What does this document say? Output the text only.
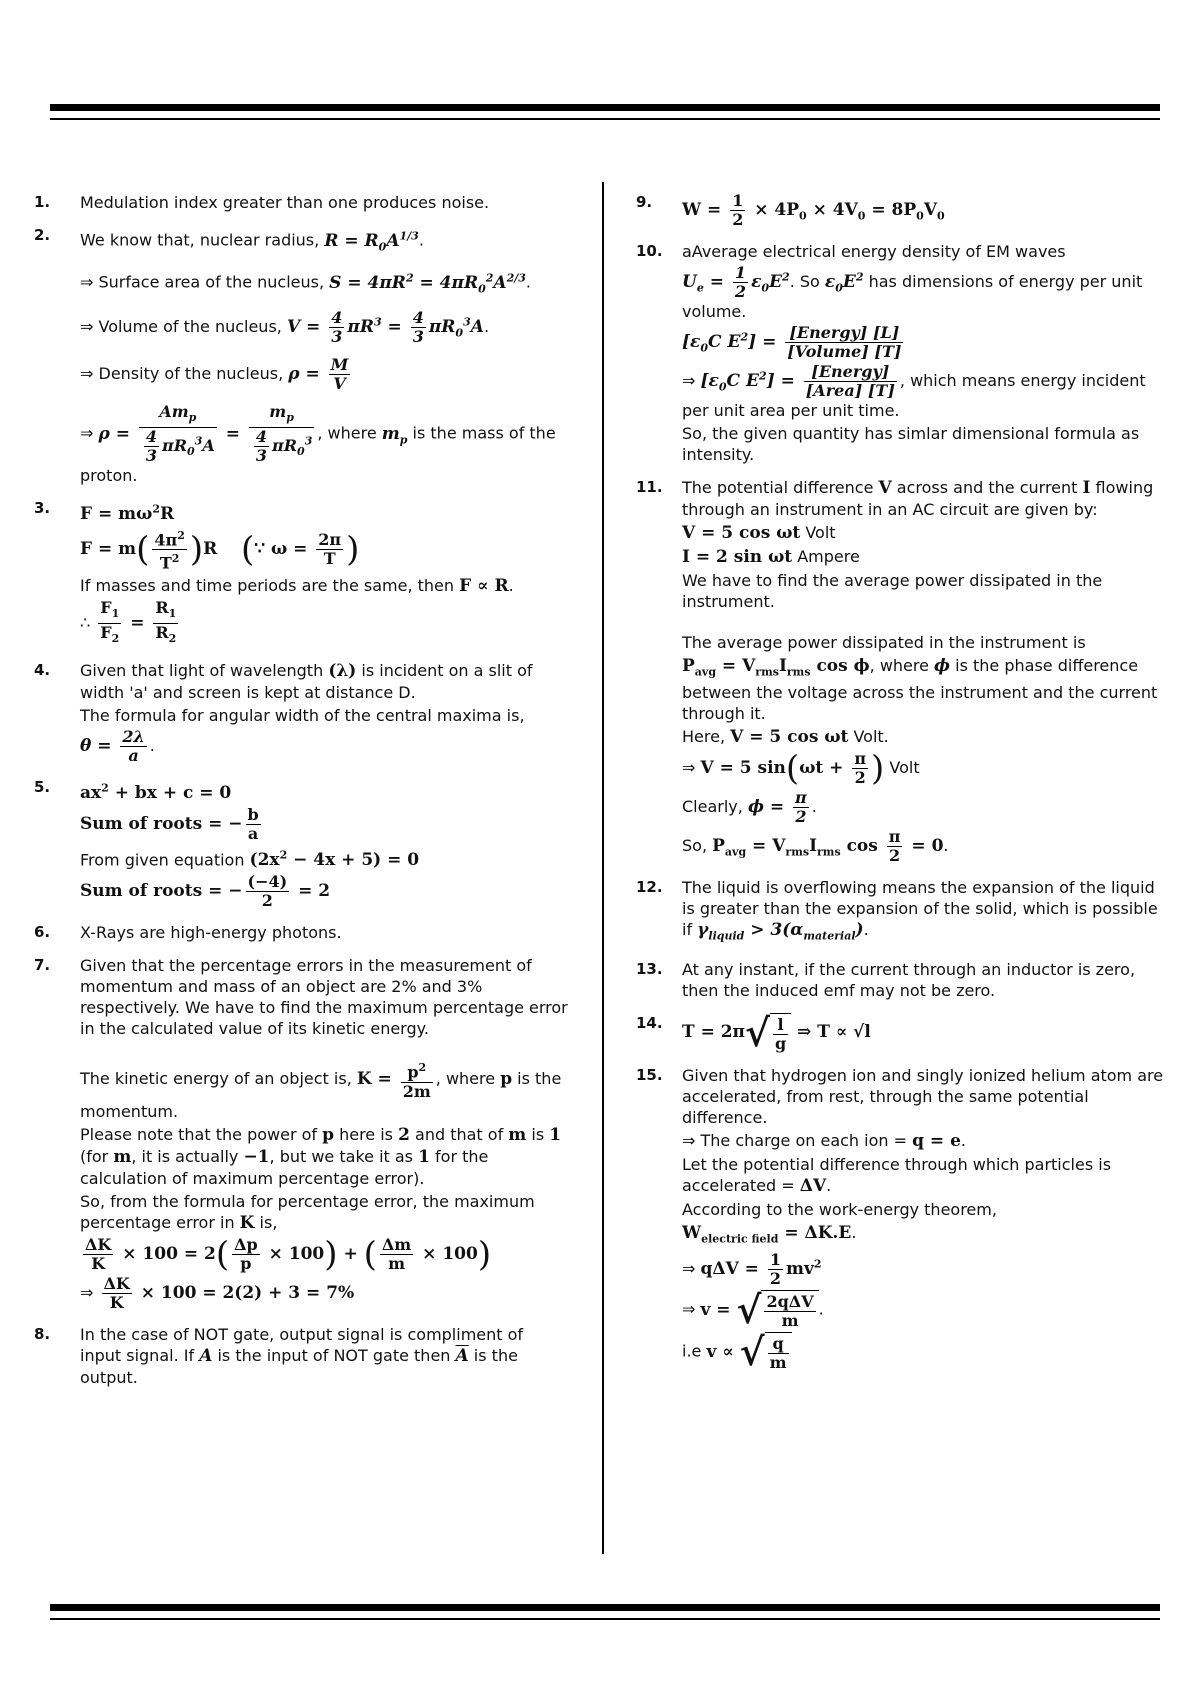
1. Medulation index greater than one produces noise.
2. We know that, nuclear radius, $R = R_0A^{1/3}$.
⇒ Surface area of the nucleus, $S = 4\pi R^2 = 4\pi R_0^2A^{2/3}$.
⇒ Volume of the nucleus, $V = \frac{4}{3} \pi R^3 = \frac{4}{3} \pi R_0^3A$.
⇒ Density of the nucleus, $\rho = \frac{M}{V}$
⇒ $\rho = \frac{Am_p}{\frac{4}{3} \pi R_0^3A} = \frac{m_p}{\frac{4}{3} \pi R_0^3}$ , where $m_p$ is the mass of the proton.
3. $F = m\omega^2R$
$F = m( \frac{4\pi^2}{T^2} )R$    (∵ $\omega = \frac{2\pi}{T}$ )
If masses and time periods are the same, then F ∝ R.
∴ $\frac{F_1}{F_2} = \frac{R_1}{R_2}$
4. Given that light of wavelength (λ) is incident on a slit of width 'a' and screen is kept at distance D.
The formula for angular width of the central maxima is,
$\theta = \frac{2\lambda}{a}$ .
5. $ax^2$ + bx + c = 0
Sum of roots = − $\frac{b}{a}$
From given equation $(2x^2 - 4x + 5) = 0$
Sum of roots = − $\frac{(-4)}{2} = 2$
6. X-Rays are high-energy photons.
7. Given that the percentage errors in the measurement of momentum and mass of an object are 2% and 3% respectively. We have to find the maximum percentage error in the calculated value of its kinetic energy.
The kinetic energy of an object is, $K = \frac{p^2}{2m}$ , where p is the momentum.
Please note that the power of p here is 2 and that of m is 1 (for m, it is actually −1, but we take it as 1 for the calculation of maximum percentage error).
So, from the formula for percentage error, the maximum percentage error in K is,
$\frac{\Delta K}{K} \times 100 = 2( \frac{\Delta p}{p} \times 100)$ + ( $\frac{\Delta m}{m} \times 100$)
⇒ $\frac{\Delta K}{K} \times 100 = 2(2) + 3 = 7\%$
8. In the case of NOT gate, output signal is compliment of input signal. If A is the input of NOT gate then $\overline{A}$ is the output.
9. $W = \frac{1}{2} \times 4P_0 \times 4V_0 = 8P_0V_0$
10. aAverage electrical energy density of EM waves
$U_e = \frac{1}{2} \varepsilon_0E^2$. So $\varepsilon_0E^2$ has dimensions of energy per unit volume.
[$\varepsilon_0C$ $E^2] = \frac{\text{[Energy] [L]}}{\text{[Volume] [T]}}$
⇒ [$\varepsilon_0C$ $E^2] = \frac{\text{[Energy]}}{\text{[Area] [T]}}$ , which means energy incident per unit area per unit time.
So, the given quantity has simlar dimensional formula as intensity.
11. The potential difference V across and the current I flowing through an instrument in an AC circuit are given by:
V = 5 cos ωt Volt
I = 2 sin ωt Ampere
We have to find the average power dissipated in the instrument.
The average power dissipated in the instrument is
$P_{avg} = V_{rms}I_{rms}$ cos ϕ, where ϕ is the phase difference between the voltage across the instrument and the current through it.
Here, V = 5 cos ωt Volt.
⇒ V = 5 $\sin(\omega t + \frac{\pi}{2}$ ) Volt
Clearly, $\phi = \frac{\pi}{2}$ .
So, $P_{avg} = V_{rms}I_{rms}$ $\cos \frac{\pi}{2} = 0$.
12. The liquid is overflowing means the expansion of the liquid is greater than the expansion of the solid, which is possible if $\gamma_{liquid} > 3(\alpha_{material})$.
13. At any instant, if the current through an inductor is zero, then the induced emf may not be zero.
14. $T = 2\pi√ \frac{l}{g}$ ⇒ T ∝ √l
15. Given that hydrogen ion and singly ionized helium atom are accelerated, from rest, through the same potential difference.
⇒ The charge on each ion = q = e.
Let the potential difference through which particles is accelerated = ΔV.
According to the work-energy theorem,
$W_{electric field} = \Delta K.E$.
⇒ $q\Delta V = \frac{1}{2} mv^2$
⇒ v = √ $\frac{\text{2qΔV}}{m}$ .
i.e v ∝ √ $\frac{q}{m}$
